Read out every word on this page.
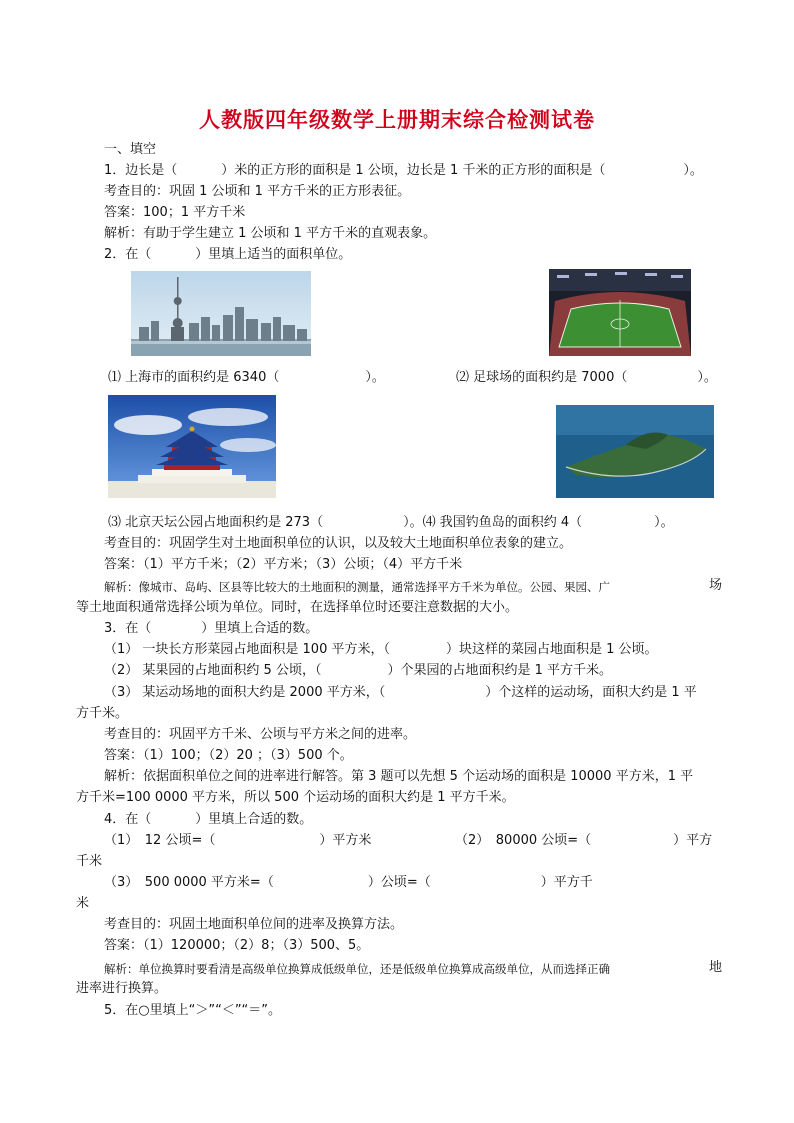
人教版四年级数学上册期末综合检测试卷
一、填空
1．边长是（	）米的正方形的面积是 1 公顷，边长是 1 千米的正方形的面积是（	）。
考查目的：巩固 1 公顷和 1 平方千米的正方形表征。
答案：100；1 平方千米
解析：有助于学生建立 1 公顷和 1 平方千米的直观表象。
2．在（	）里填上适当的面积单位。
⑴ 上海市的面积约是 6340（	）。	⑵ 足球场的面积约是 7000（	）。
⑶ 北京天坛公园占地面积约是 273（	）。⑷ 我国钓鱼岛的面积约 4（	）。
考查目的：巩固学生对土地面积单位的认识，以及较大土地面积单位表象的建立。
答案：（1）平方千米；（2）平方米；（3）公顷；（4）平方千米
解析：像城市、岛屿、区县等比较大的土地面积的测量，通常选择平方千米为单位。公园、果园、广	场
等土地面积通常选择公顷为单位。同时，在选择单位时还要注意数据的大小。
3．在（	）里填上合适的数。
（1） 一块长方形菜园占地面积是 100 平方米，（	）块这样的菜园占地面积是 1 公顷。
（2） 某果园的占地面积约 5 公顷，（	）个果园的占地面积约是 1 平方千米。
（3） 某运动场地的面积大约是 2000 平方米，（	）个这样的运动场，面积大约是 1 平
方千米。
考查目的：巩固平方千米、公顷与平方米之间的进率。
答案：（1）100；（2）20 ；（3）500 个。
解析：依据面积单位之间的进率进行解答。第 3 题可以先想 5 个运动场的面积是 10000 平方米，1 平
方千米=100 0000 平方米，所以 500 个运动场的面积大约是 1 平方千米。
4．在（	）里填上合适的数。
（1）　12 公顷=（	）平方米	（2）　80000 公顷=（	）平方
千米
（3）　500 0000 平方米=（	）公顷=（	）平方千
米
考查目的：巩固土地面积单位间的进率及换算方法。
答案：（1）120000；（2）8；（3）500、5。
解析：单位换算时要看清是高级单位换算成低级单位，还是低级单位换算成高级单位，从而选择正确	地
进率进行换算。
5．在○里填上“＞”“＜”“＝”。
